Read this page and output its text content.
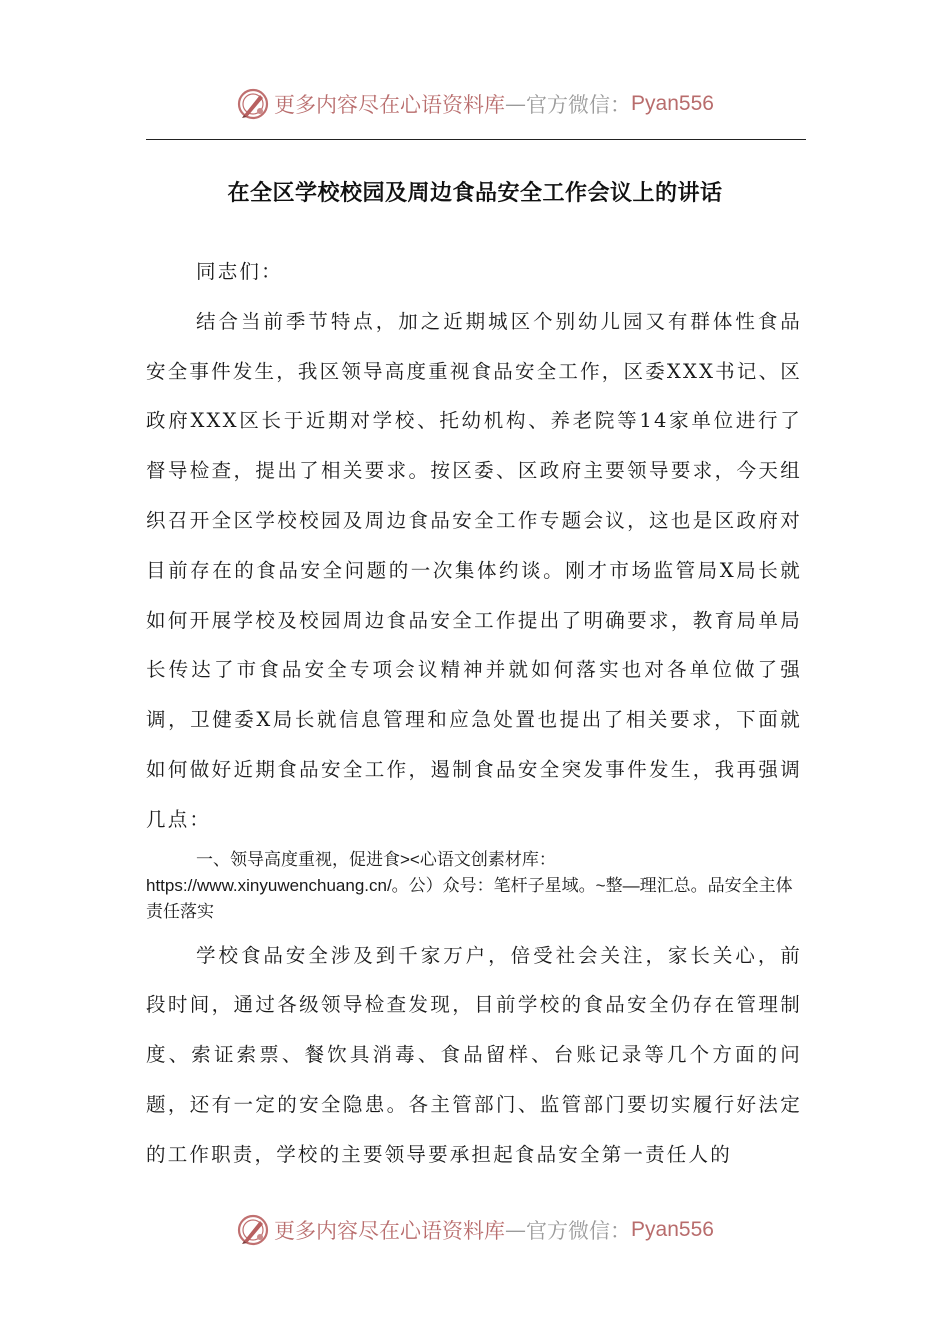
更多内容尽在心语资料库 — 官方微信： Pyan556
在全区学校校园及周边食品安全工作会议上的讲话

同志们：

结合当前季节特点，加之近期城区个别幼儿园又有群体性食品安全事件发生，我区领导高度重视食品安全工作，区委XXX书记、区政府XXX区长于近期对学校、托幼机构、养老院等14家单位进行了督导检查，提出了相关要求。按区委、区政府主要领导要求，今天组织召开全区学校校园及周边食品安全工作专题会议，这也是区政府对目前存在的食品安全问题的一次集体约谈。刚才市场监管局X局长就如何开展学校及校园周边食品安全工作提出了明确要求，教育局单局长传达了市食品安全专项会议精神并就如何落实也对各单位做了强调，卫健委X局长就信息管理和应急处置也提出了相关要求，下面就如何做好近期食品安全工作，遏制食品安全突发事件发生，我再强调几点：

一、领导高度重视，促进食><心语文创素材库：https://www.xinyuwenchuang.cn/。公）众号：笔杆子星域。~整—理汇总。品安全主体责任落实

学校食品安全涉及到千家万户，倍受社会关注，家长关心，前段时间，通过各级领导检查发现，目前学校的食品安全仍存在管理制度、索证索票、餐饮具消毒、食品留样、台账记录等几个方面的问题，还有一定的安全隐患。各主管部门、监管部门要切实履行好法定的工作职责，学校的主要领导要承担起食品安全第一责任人的

更多内容尽在心语资料库 — 官方微信： Pyan556
